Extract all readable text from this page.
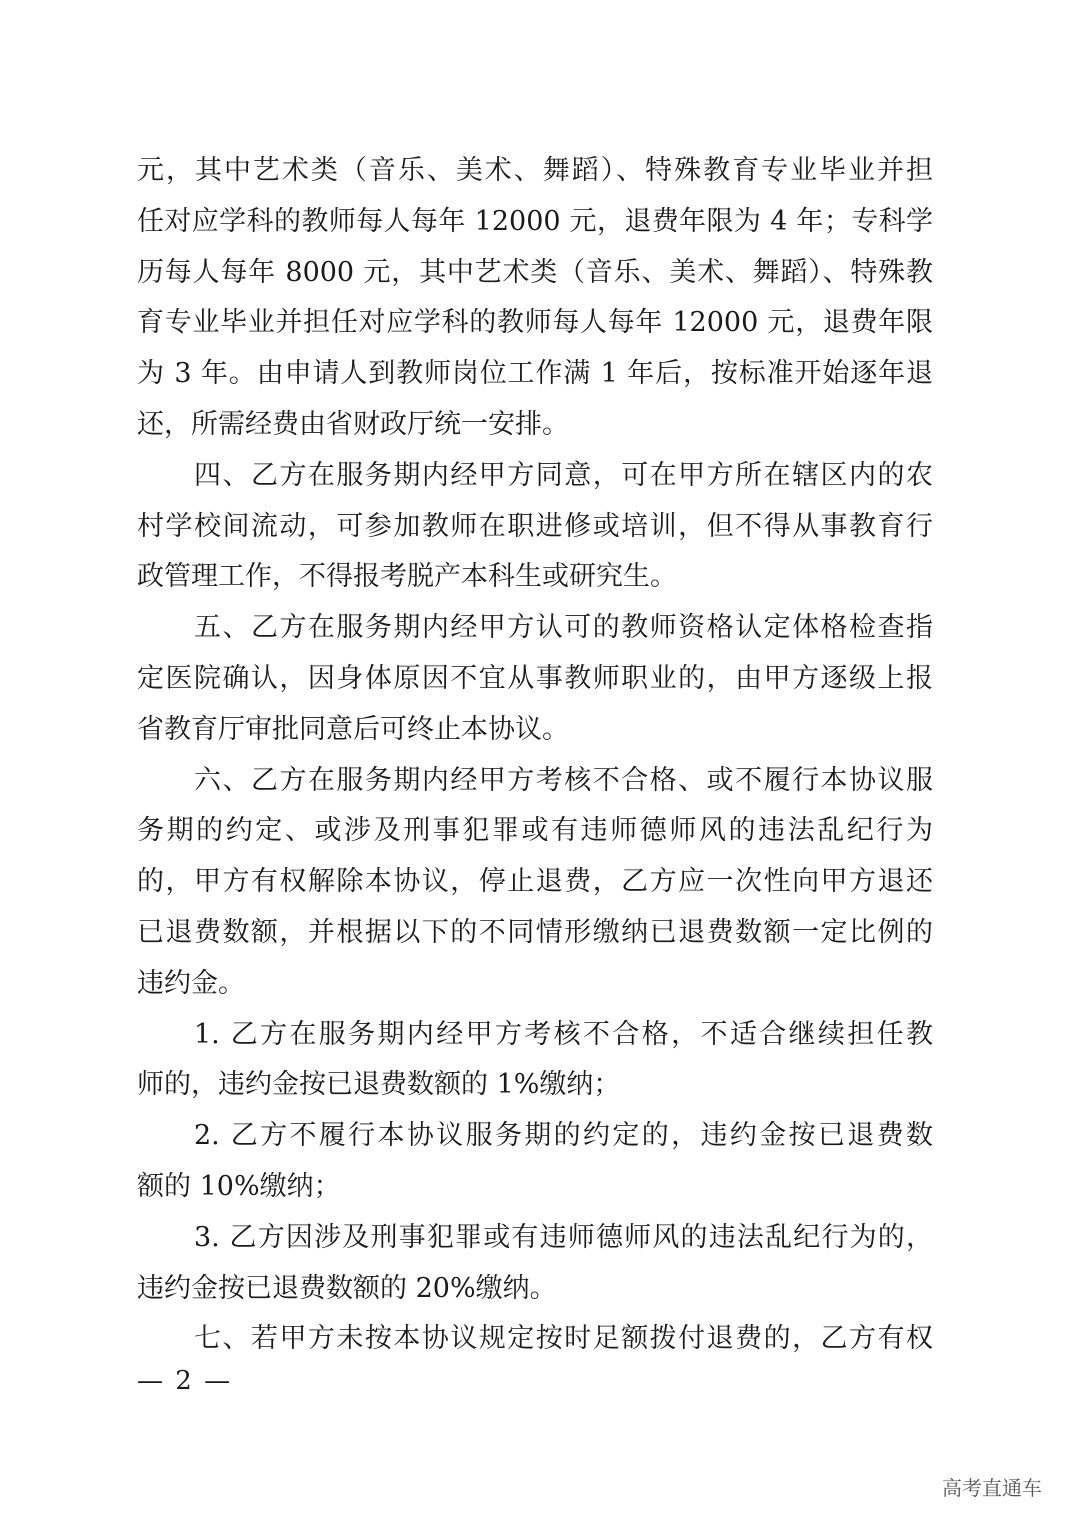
元，其中艺术类（音乐、美术、舞蹈）、特殊教育专业毕业并担
任对应学科的教师每人每年 12000 元，退费年限为 4 年；专科学
历每人每年 8000 元，其中艺术类（音乐、美术、舞蹈）、特殊教
育专业毕业并担任对应学科的教师每人每年 12000 元，退费年限
为 3 年。由申请人到教师岗位工作满 1 年后，按标准开始逐年退
还，所需经费由省财政厅统一安排。
四、乙方在服务期内经甲方同意，可在甲方所在辖区内的农
村学校间流动，可参加教师在职进修或培训，但不得从事教育行
政管理工作，不得报考脱产本科生或研究生。
五、乙方在服务期内经甲方认可的教师资格认定体格检查指
定医院确认，因身体原因不宜从事教师职业的，由甲方逐级上报
省教育厅审批同意后可终止本协议。
六、乙方在服务期内经甲方考核不合格、或不履行本协议服
务期的约定、或涉及刑事犯罪或有违师德师风的违法乱纪行为
的，甲方有权解除本协议，停止退费，乙方应一次性向甲方退还
已退费数额，并根据以下的不同情形缴纳已退费数额一定比例的
违约金。
1. 乙方在服务期内经甲方考核不合格，不适合继续担任教
师的，违约金按已退费数额的 1%缴纳；
2. 乙方不履行本协议服务期的约定的，违约金按已退费数
额的 10%缴纳；
3. 乙方因涉及刑事犯罪或有违师德师风的违法乱纪行为的，
违约金按已退费数额的 20%缴纳。
七、若甲方未按本协议规定按时足额拨付退费的，乙方有权
— 2 —
高考直通车
